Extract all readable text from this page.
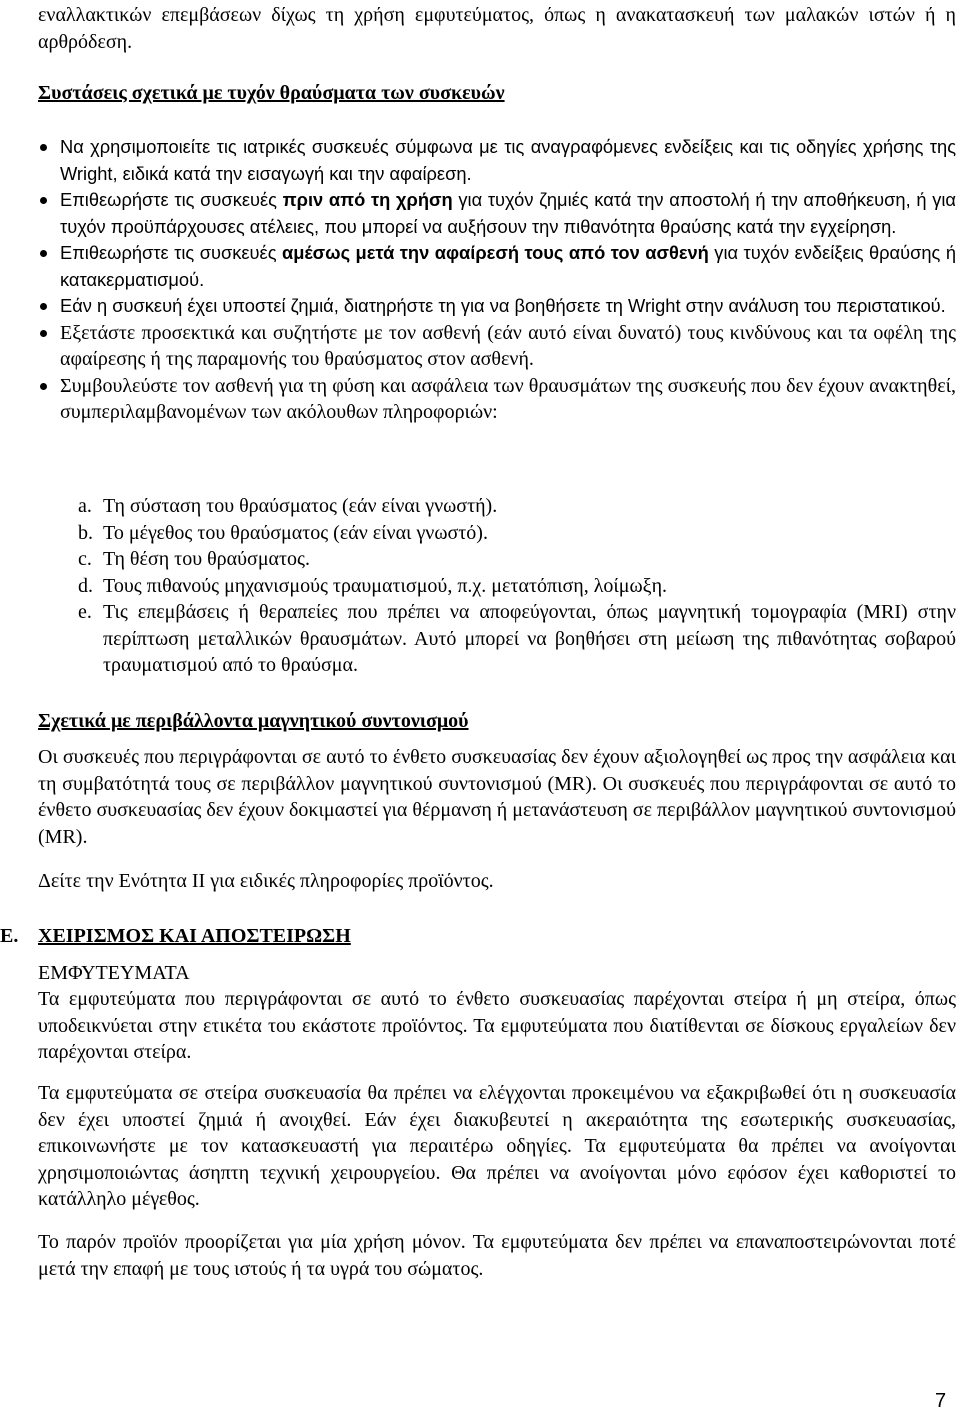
εναλλακτικών επεμβάσεων δίχως τη χρήση εμφυτεύματος, όπως η ανακατασκευή των μαλακών ιστών ή η αρθρόδεση.

Συστάσεις σχετικά με τυχόν θραύσματα των συσκευών

Να χρησιμοποιείτε τις ιατρικές συσκευές σύμφωνα με τις αναγραφόμενες ενδείξεις και τις οδηγίες χρήσης της Wright, ειδικά κατά την εισαγωγή και την αφαίρεση.
Επιθεωρήστε τις συσκευές πριν από τη χρήση για τυχόν ζημιές κατά την αποστολή ή την αποθήκευση, ή για τυχόν προϋπάρχουσες ατέλειες, που μπορεί να αυξήσουν την πιθανότητα θραύσης κατά την εγχείρηση.
Επιθεωρήστε τις συσκευές αμέσως μετά την αφαίρεσή τους από τον ασθενή για τυχόν ενδείξεις θραύσης ή κατακερματισμού.
Εάν η συσκευή έχει υποστεί ζημιά, διατηρήστε τη για να βοηθήσετε τη Wright στην ανάλυση του περιστατικού.
Εξετάστε προσεκτικά και συζητήστε με τον ασθενή (εάν αυτό είναι δυνατό) τους κινδύνους και τα οφέλη της αφαίρεσης ή της παραμονής του θραύσματος στον ασθενή.
Συμβουλεύστε τον ασθενή για τη φύση και ασφάλεια των θραυσμάτων της συσκευής που δεν έχουν ανακτηθεί, συμπεριλαμβανομένων των ακόλουθων πληροφοριών:
a. Τη σύσταση του θραύσματος (εάν είναι γνωστή).
b. Το μέγεθος του θραύσματος (εάν είναι γνωστό).
c. Τη θέση του θραύσματος.
d. Τους πιθανούς μηχανισμούς τραυματισμού, π.χ. μετατόπιση, λοίμωξη.
e. Τις επεμβάσεις ή θεραπείες που πρέπει να αποφεύγονται, όπως μαγνητική τομογραφία (MRI) στην περίπτωση μεταλλικών θραυσμάτων. Αυτό μπορεί να βοηθήσει στη μείωση της πιθανότητας σοβαρού τραυματισμού από το θραύσμα.

Σχετικά με περιβάλλοντα μαγνητικού συντονισμού

Οι συσκευές που περιγράφονται σε αυτό το ένθετο συσκευασίας δεν έχουν αξιολογηθεί ως προς την ασφάλεια και τη συμβατότητά τους σε περιβάλλον μαγνητικού συντονισμού (MR). Οι συσκευές που περιγράφονται σε αυτό το ένθετο συσκευασίας δεν έχουν δοκιμαστεί για θέρμανση ή μετανάστευση σε περιβάλλον μαγνητικού συντονισμού (MR).

Δείτε την Ενότητα II για ειδικές πληροφορίες προϊόντος.

E. ΧΕΙΡΙΣΜΟΣ ΚΑΙ ΑΠΟΣΤΕΙΡΩΣΗ

ΕΜΦΥΤΕΥΜΑΤΑ

Τα εμφυτεύματα που περιγράφονται σε αυτό το ένθετο συσκευασίας παρέχονται στείρα ή μη στείρα, όπως υποδεικνύεται στην ετικέτα του εκάστοτε προϊόντος. Τα εμφυτεύματα που διατίθενται σε δίσκους εργαλείων δεν παρέχονται στείρα.

Τα εμφυτεύματα σε στείρα συσκευασία θα πρέπει να ελέγχονται προκειμένου να εξακριβωθεί ότι η συσκευασία δεν έχει υποστεί ζημιά ή ανοιχθεί. Εάν έχει διακυβευτεί η ακεραιότητα της εσωτερικής συσκευασίας, επικοινωνήστε με τον κατασκευαστή για περαιτέρω οδηγίες. Τα εμφυτεύματα θα πρέπει να ανοίγονται χρησιμοποιώντας άσηπτη τεχνική χειρουργείου. Θα πρέπει να ανοίγονται μόνο εφόσον έχει καθοριστεί το κατάλληλο μέγεθος.

Το παρόν προϊόν προορίζεται για μία χρήση μόνον. Τα εμφυτεύματα δεν πρέπει να επαναποστειρώνονται ποτέ μετά την επαφή με τους ιστούς ή τα υγρά του σώματος.

7
